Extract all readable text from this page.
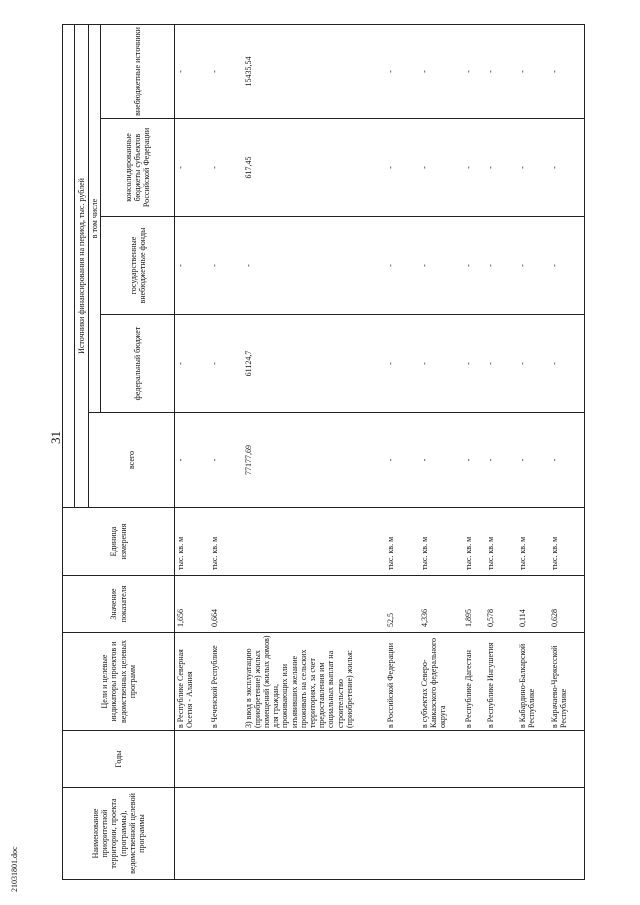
31
21031801.doc
Наименование приоритетной территории, проекта (программы), ведомственной целевой программы	Годы	Цели и целевые индикаторы проектов и ведомственных целевых программ	Значение показателя	Единица измерения					
					Источники финансирования на период, тыс. рублей				
					всего	в том числе			
						федеральный бюджет	государственные внебюджетные фонды	консолидированные бюджеты субъектов Российской Федерации	внебюджетные источники
		в Республике Северная Осетия - Алания	1,656	тыс. кв. м	-	-	-	-	-
		в Чеченской Республике	0,664	тыс. кв. м	-	-	-	-	-
		3) ввод в эксплуатацию (приобретение) жилых помещений (жилых домов) для граждан, проживающих или изъявивших желание проживать на сельских территориях, за счет предоставления им социальных выплат на строительство (приобретение) жилья:			77177,69	61124,7	-	617,45	15435,54
		в Российской Федерации	52,5	тыс. кв. м	-	-	-	-	-
		в субъектах Северо-Кавказского федерального округа	4,336	тыс. кв. м	-	-	-	-	-
		в Республике Дагестан	1,895	тыс. кв. м	-	-	-	-	-
		в Республике Ингушетия	0,578	тыс. кв. м	-	-	-	-	-
		в Кабардино-Балкарской Республике	0,114	тыс. кв. м	-	-	-	-	-
		в Карачаево-Черкесской Республике	0,628	тыс. кв. м	-	-	-	-	-
